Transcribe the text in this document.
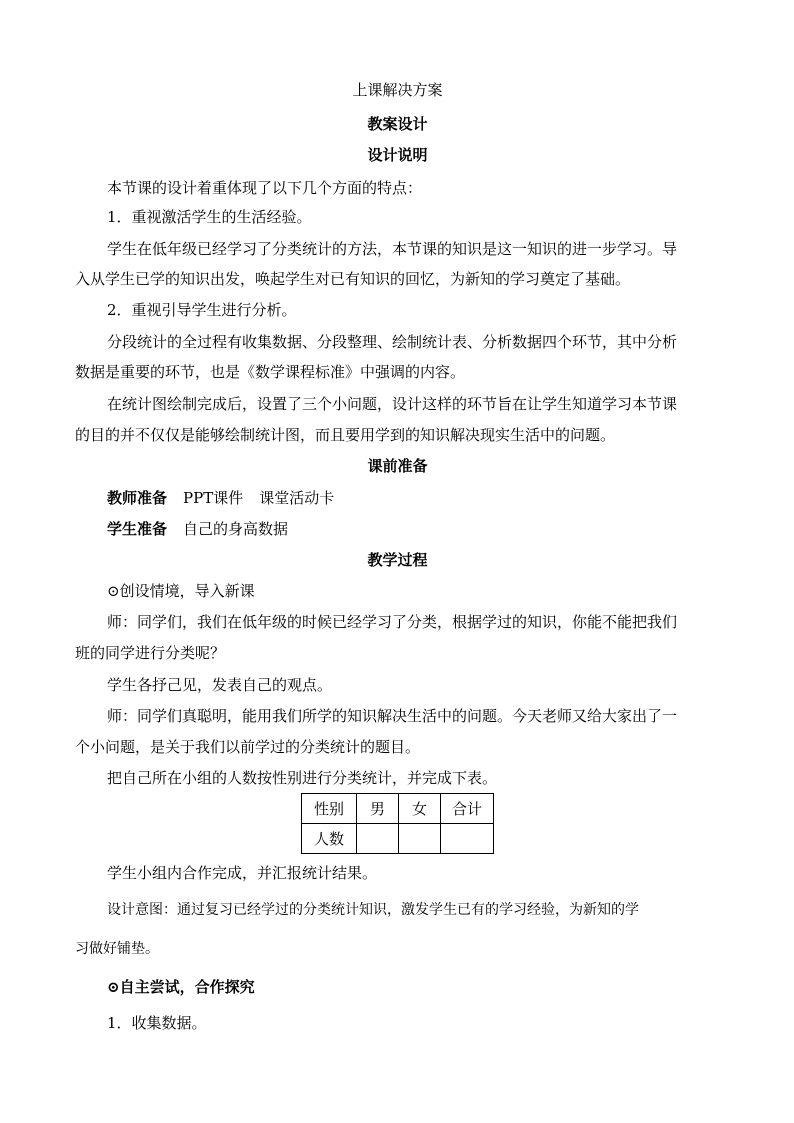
上课解决方案
教案设计
设计说明
本节课的设计着重体现了以下几个方面的特点：
1．重视激活学生的生活经验。
学生在低年级已经学习了分类统计的方法，本节课的知识是这一知识的进一步学习。导
入从学生已学的知识出发，唤起学生对已有知识的回忆，为新知的学习奠定了基础。
2．重视引导学生进行分析。
分段统计的全过程有收集数据、分段整理、绘制统计表、分析数据四个环节，其中分析
数据是重要的环节，也是《数学课程标准》中强调的内容。
在统计图绘制完成后，设置了三个小问题，设计这样的环节旨在让学生知道学习本节课
的目的并不仅仅是能够绘制统计图，而且要用学到的知识解决现实生活中的问题。
课前准备
教师准备 PPT课件 课堂活动卡
学生准备 自己的身高数据
教学过程
⊙创设情境，导入新课
师：同学们，我们在低年级的时候已经学习了分类，根据学过的知识，你能不能把我们
班的同学进行分类呢？
学生各抒己见，发表自己的观点。
师：同学们真聪明，能用我们所学的知识解决生活中的问题。今天老师又给大家出了一
个小问题，是关于我们以前学过的分类统计的题目。
把自己所在小组的人数按性别进行分类统计，并完成下表。
性别	男	女	合计
人数			
学生小组内合作完成，并汇报统计结果。
设计意图：通过复习已经学过的分类统计知识，激发学生已有的学习经验，为新知的学
习做好铺垫。
⊙自主尝试，合作探究
1．收集数据。
